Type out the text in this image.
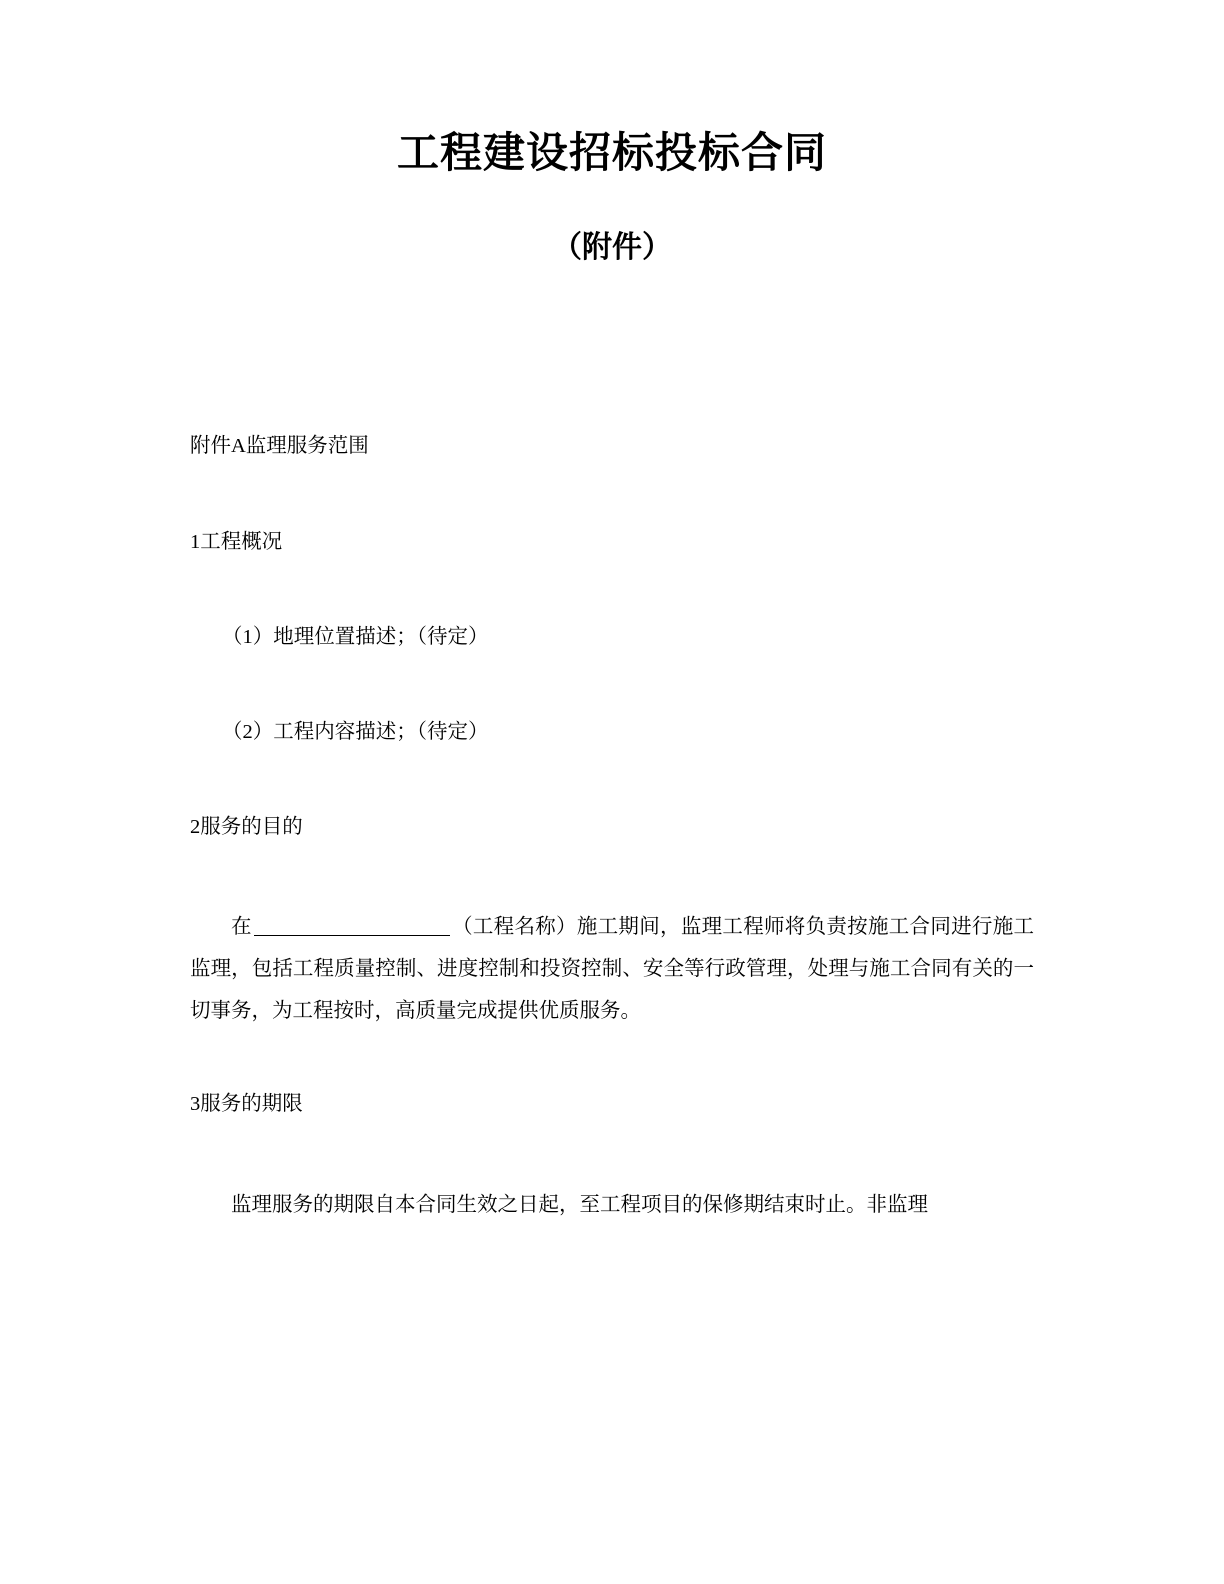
工程建设招标投标合同
（附件）

附件A监理服务范围

1工程概况

（1）地理位置描述；（待定）

（2）工程内容描述；（待定）

2服务的目的

在	（工程名称）施工期间，监理工程师将负责按施工合同进行施工监理，包括工程质量控制、进度控制和投资控制、安全等行政管理，处理与施工合同有关的一切事务，为工程按时，高质量完成提供优质服务。

3服务的期限

监理服务的期限自本合同生效之日起，至工程项目的保修期结束时止。非监理
